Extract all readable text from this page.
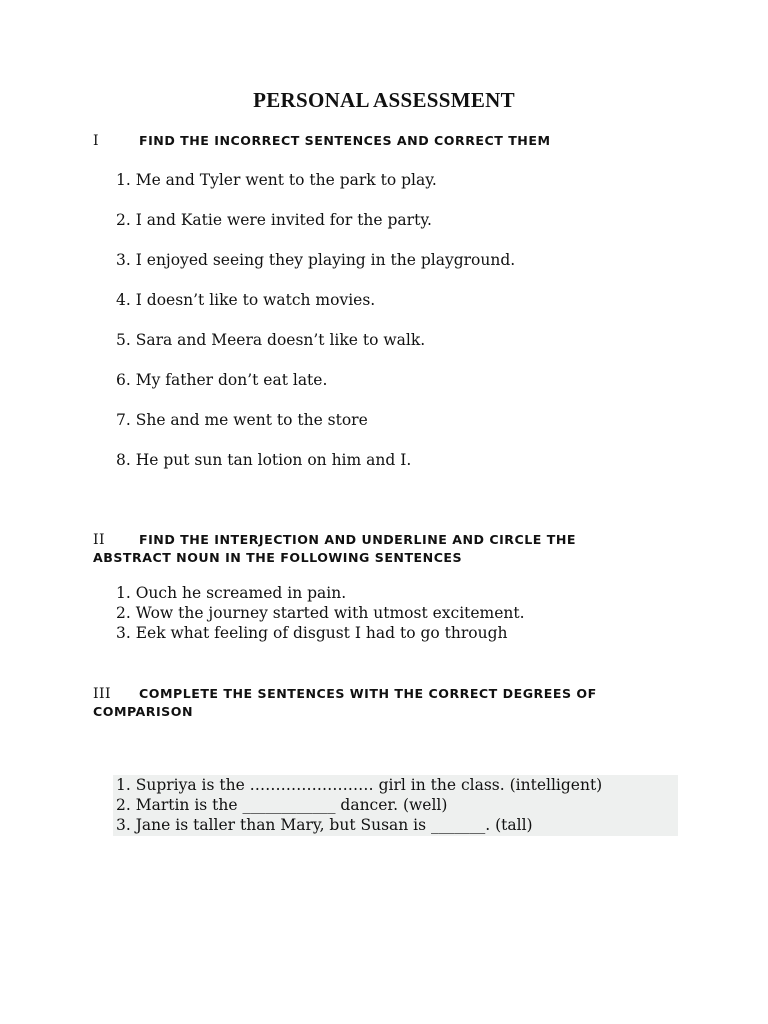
PERSONAL ASSESSMENT
I	FIND THE INCORRECT SENTENCES AND CORRECT THEM
1. Me and Tyler went to the park to play.
2. I and Katie were invited for the party.
3. I enjoyed seeing they playing in the playground.
4. I doesn’t like to watch movies.
5. Sara and Meera doesn’t like to walk.
6. My father don’t eat late.
7. She and me went to the store
8. He put sun tan lotion on him and I.
II	FIND THE INTERJECTION AND UNDERLINE AND CIRCLE THE
ABSTRACT NOUN IN THE FOLLOWING SENTENCES
1. Ouch he screamed in pain.
2. Wow the journey started with utmost excitement.
3. Eek what feeling of disgust I had to go through
III COMPLETE THE SENTENCES WITH THE CORRECT DEGREES OF
COMPARISON
1. Supriya is the …………………… girl in the class. (intelligent)
2. Martin is the ____________ dancer. (well)
3. Jane is taller than Mary, but Susan is _______. (tall)
